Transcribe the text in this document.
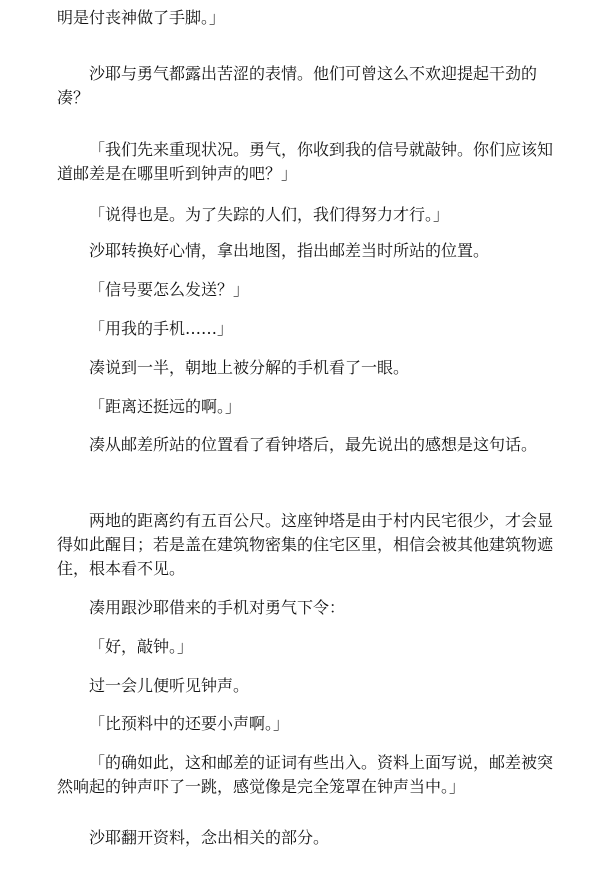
明是付丧神做了手脚。」

沙耶与勇气都露出苦涩的表情。他们可曾这么不欢迎提起干劲的凑？

「我们先来重现状况。勇气，你收到我的信号就敲钟。你们应该知道邮差是在哪里听到钟声的吧？」

「说得也是。为了失踪的人们，我们得努力才行。」

沙耶转换好心情，拿出地图，指出邮差当时所站的位置。

「信号要怎么发送？」

「用我的手机……」

凑说到一半，朝地上被分解的手机看了一眼。

「距离还挺远的啊。」

凑从邮差所站的位置看了看钟塔后，最先说出的感想是这句话。

两地的距离约有五百公尺。这座钟塔是由于村内民宅很少，才会显得如此醒目；若是盖在建筑物密集的住宅区里，相信会被其他建筑物遮住，根本看不见。

凑用跟沙耶借来的手机对勇气下令：

「好，敲钟。」

过一会儿便听见钟声。

「比预料中的还要小声啊。」

「的确如此，这和邮差的证词有些出入。资料上面写说，邮差被突然响起的钟声吓了一跳，感觉像是完全笼罩在钟声当中。」

沙耶翻开资料，念出相关的部分。
